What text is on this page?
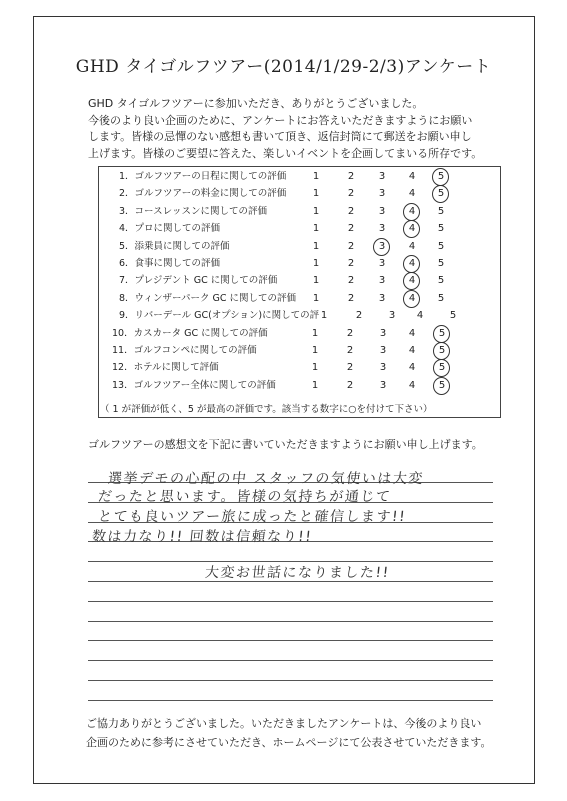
GHD タイゴルフツアー(2014/1/29-2/3)アンケート
GHD タイゴルフツアーに参加いただき、ありがとうございました。
今後のより良い企画のために、アンケートにお答えいただきますようにお願い
します。皆様の忌憚のない感想も書いて頂き、返信封筒にて郵送をお願い申し
上げます。皆様のご要望に答えた、楽しいイベントを企画してまいる所存です。
1．ゴルフツアーの日程に関しての評価	1	2	3	4	5
2．ゴルフツアーの料金に関しての評価	1	2	3	4	5
3．コースレッスンに関しての評価	1	2	3	4	5
4．プロに関しての評価	1	2	3	4	5
5．添乗員に関しての評価	1	2	3	4	5
6．食事に関しての評価	1	2	3	4	5
7．プレジデント GC に関しての評価	1	2	3	4	5
8．ウィンザーパーク GC に関しての評価	1	2	3	4	5
9．リバーデール GC(オプション)に関しての評 1	2	3	4	5
10．カスカータ GC に関しての評価	1	2	3	4	5
11．ゴルフコンペに関しての評価	1	2	3	4	5
12．ホテルに関して評価	1	2	3	4	5
13．ゴルフツアー全体に関しての評価	1	2	3	4	5
（ 1 が評価が低く、5 が最高の評価です。該当する数字に○を付けて下さい）
ゴルフツアーの感想文を下記に書いていただきますようにお願い申し上げます。
選挙デモの心配の中 スタッフの気使いは大変
だったと思います。皆様の気持ちが通じて
とても良いツアー旅に成ったと確信します!!
数は力なり!! 回数は信頼なり!!
大変お世話になりました!!
ご協力ありがとうございました。いただきましたアンケートは、今後のより良い
企画のために参考にさせていただき、ホームページにて公表させていただきます。
